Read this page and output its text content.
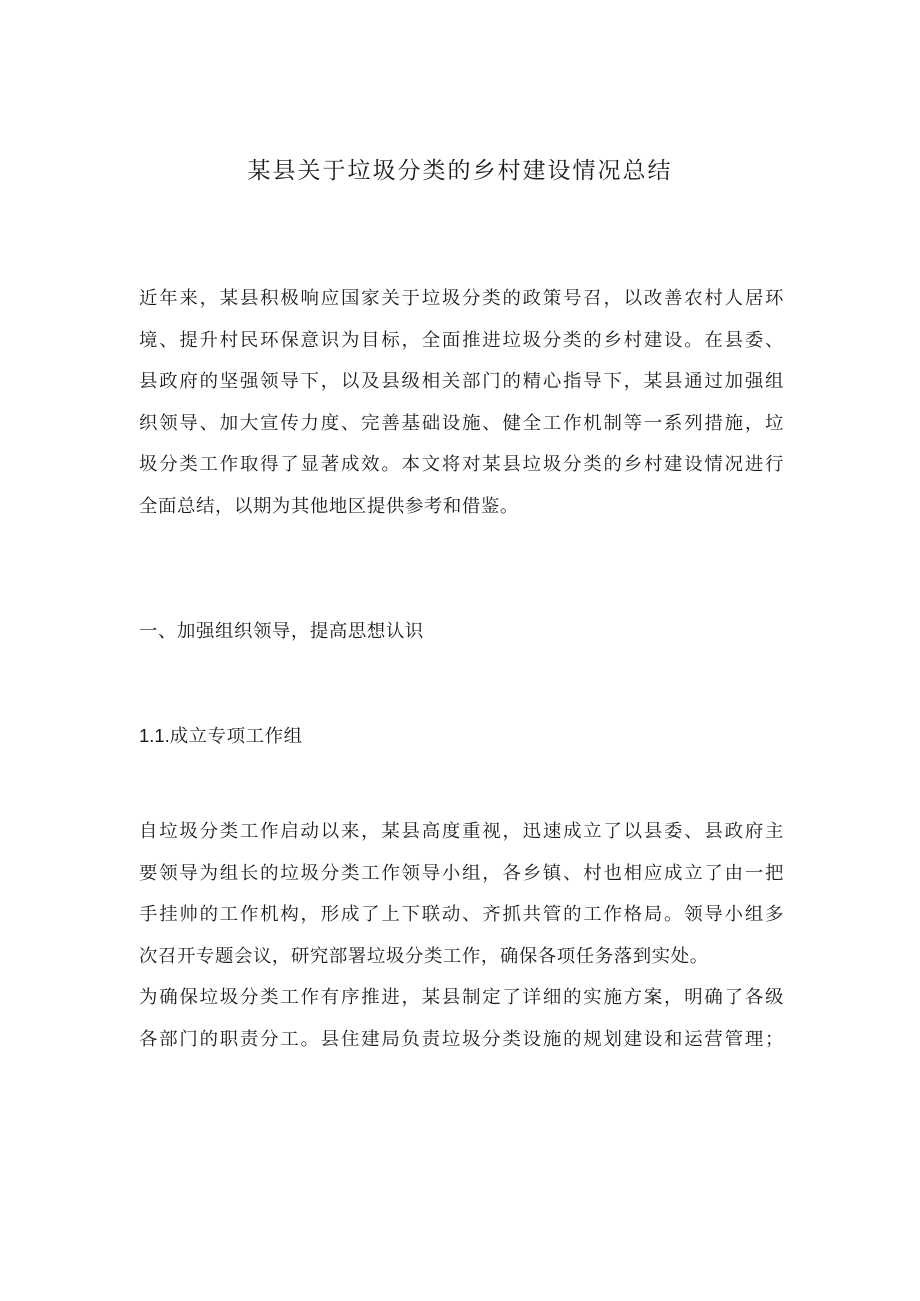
某县关于垃圾分类的乡村建设情况总结
近年来，某县积极响应国家关于垃圾分类的政策号召，以改善农村人居环
境、提升村民环保意识为目标，全面推进垃圾分类的乡村建设。在县委、
县政府的坚强领导下，以及县级相关部门的精心指导下，某县通过加强组
织领导、加大宣传力度、完善基础设施、健全工作机制等一系列措施，垃
圾分类工作取得了显著成效。本文将对某县垃圾分类的乡村建设情况进行
全面总结，以期为其他地区提供参考和借鉴。
一、加强组织领导，提高思想认识
1.1.成立专项工作组
自垃圾分类工作启动以来，某县高度重视，迅速成立了以县委、县政府主
要领导为组长的垃圾分类工作领导小组，各乡镇、村也相应成立了由一把
手挂帅的工作机构，形成了上下联动、齐抓共管的工作格局。领导小组多
次召开专题会议，研究部署垃圾分类工作，确保各项任务落到实处。
为确保垃圾分类工作有序推进，某县制定了详细的实施方案，明确了各级
各部门的职责分工。县住建局负责垃圾分类设施的规划建设和运营管理；
